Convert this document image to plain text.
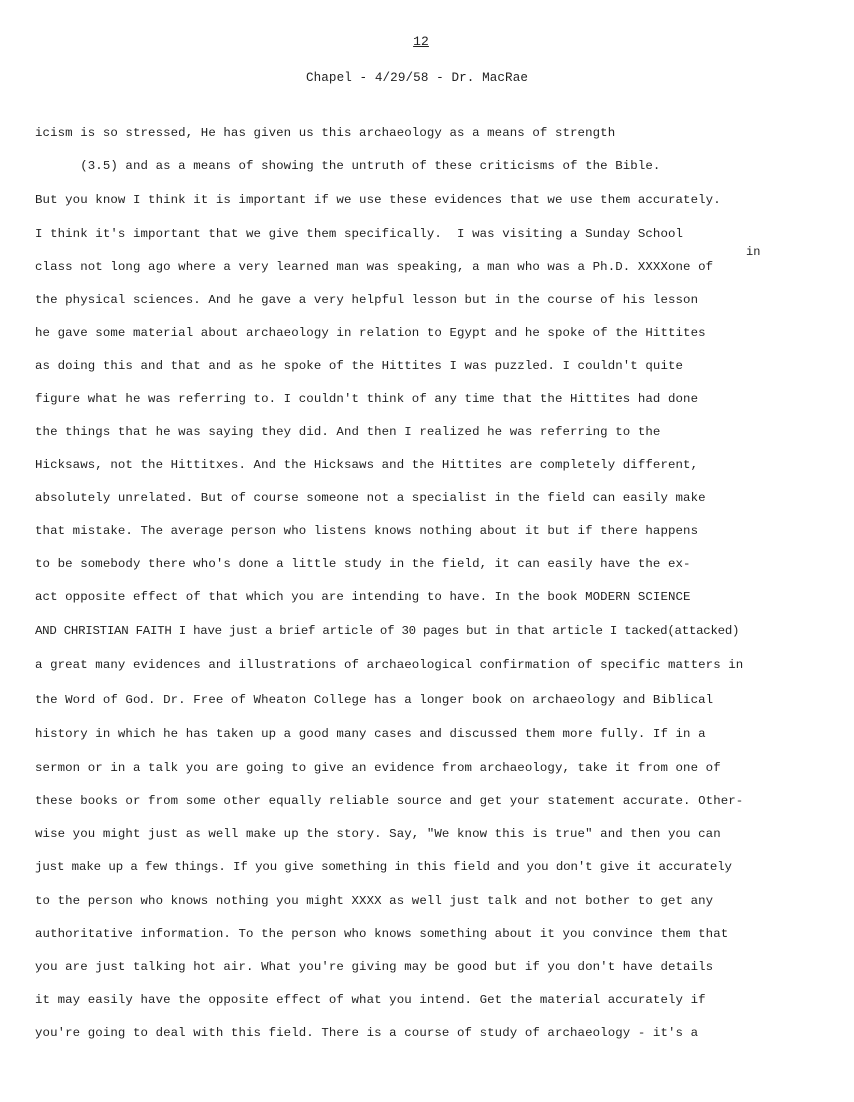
12
Chapel - 4/29/58 - Dr. MacRae
in
icism is so stressed, He has given us this archaeology as a means of strength
(3.5) and as a means of showing the untruth of these criticisms of the Bible.
But you know I think it is important if we use these evidences that we use them accurately.
I think it's important that we give them specifically.  I was visiting a Sunday School
class not long ago where a very learned man was speaking, a man who was a Ph.D. XXXXone of
the physical sciences. And he gave a very helpful lesson but in the course of his lesson
he gave some material about archaeology in relation to Egypt and he spoke of the Hittites
as doing this and that and as he spoke of the Hittites I was puzzled. I couldn't quite
figure what he was referring to. I couldn't think of any time that the Hittites had done
the things that he was saying they did. And then I realized he was referring to the
Hicksaws, not the Hittitxes. And the Hicksaws and the Hittites are completely different,
absolutely unrelated. But of course someone not a specialist in the field can easily make
that mistake. The average person who listens knows nothing about it but if there happens
to be somebody there who's done a little study in the field, it can easily have the ex-
act opposite effect of that which you are intending to have. In the book MODERN SCIENCE
AND CHRISTIAN FAITH I have just a brief article of 30 pages but in that article I tacked(attacked)
a great many evidences and illustrations of archaeological confirmation of specific matters in
the Word of God. Dr. Free of Wheaton College has a longer book on archaeology and Biblical
history in which he has taken up a good many cases and discussed them more fully. If in a
sermon or in a talk you are going to give an evidence from archaeology, take it from one of
these books or from some other equally reliable source and get your statement accurate. Other-
wise you might just as well make up the story. Say, "We know this is true" and then you can
just make up a few things. If you give something in this field and you don't give it accurately
to the person who knows nothing you might XXXX as well just talk and not bother to get any
authoritative information. To the person who knows something about it you convince them that
you are just talking hot air. What you're giving may be good but if you don't have details
it may easily have the opposite effect of what you intend. Get the material accurately if
you're going to deal with this field. There is a course of study of archaeology - it's a
